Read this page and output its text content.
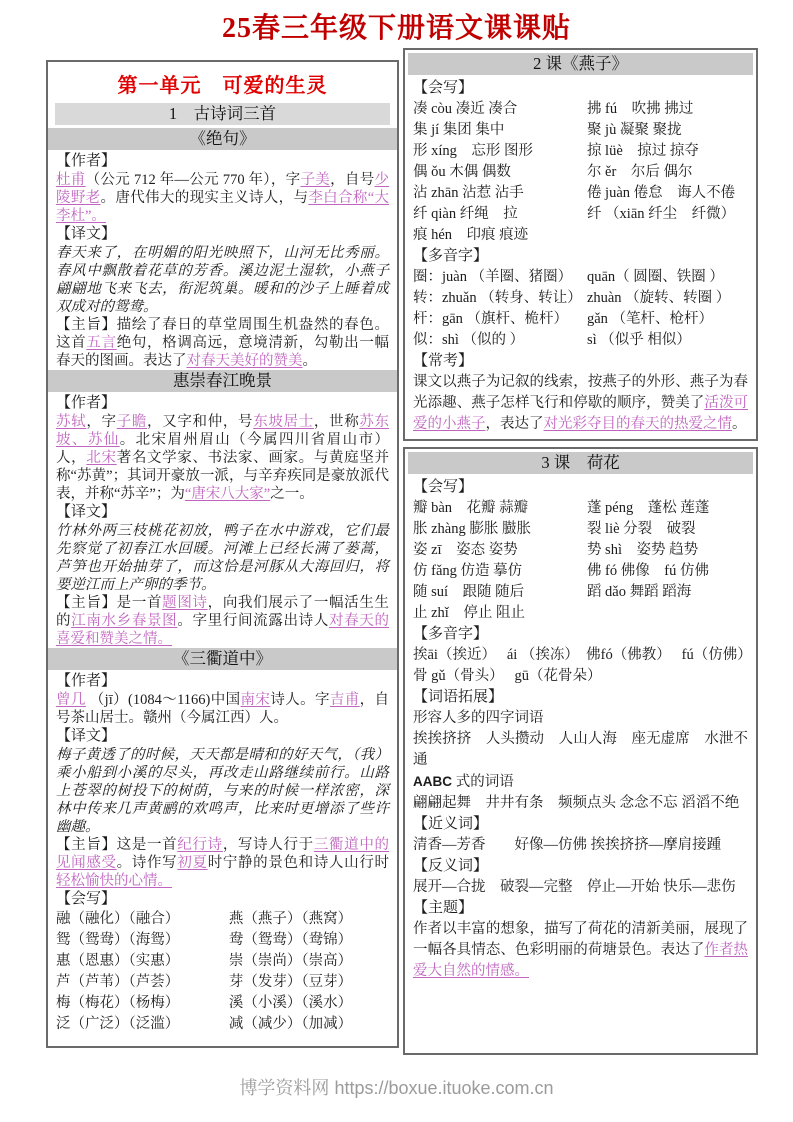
25春三年级下册语文课课贴
第一单元　可爱的生灵
1　古诗词三首
《绝句》
【作者】

杜甫（公元 712 年—公元 770 年），字子美，自号少陵野老。唐代伟大的现实主义诗人，与李白合称“大李杜”。

【译文】

春天来了，在明媚的阳光映照下，山河无比秀丽。春风中飘散着花草的芳香。溪边泥土湿软，小燕子翩翩地飞来飞去，衔泥筑巢。暖和的沙子上睡着成双成对的鸳鸯。

【主旨】描绘了春日的草堂周围生机盎然的春色。这首五言绝句，格调高远，意境清新，勾勒出一幅春天的图画。表达了对春天美好的赞美。

惠崇春江晚景
【作者】

苏轼，字子瞻，又字和仲，号东坡居士，世称苏东坡、苏仙。北宋眉州眉山（今属四川省眉山市）人，北宋著名文学家、书法家、画家。与黄庭坚并称“苏黄”；其词开豪放一派，与辛弃疾同是豪放派代表，并称“苏辛”；为“唐宋八大家”之一。

【译文】

竹林外两三枝桃花初放，鸭子在水中游戏，它们最先察觉了初春江水回暖。河滩上已经长满了蒌蒿，芦笋也开始抽芽了，而这恰是河豚从大海回归，将要逆江而上产卵的季节。

【主旨】是一首题图诗，向我们展示了一幅活生生的江南水乡春景图。字里行间流露出诗人对春天的喜爱和赞美之情。

《三衢道中》
【作者】

曾几 （jī）(1084～1166)中国南宋诗人。字吉甫，自号茶山居士。赣州（今属江西）人。

【译文】

梅子黄透了的时候，天天都是晴和的好天气，（我）乘小船到小溪的尽头，再改走山路继续前行。山路上苍翠的树投下的树荫，与来的时候一样浓密，深林中传来几声黄鹂的欢鸣声，比来时更增添了些许幽趣。

【主旨】这是一首纪行诗，写诗人行于三衢道中的见闻感受。诗作写初夏时宁静的景色和诗人山行时轻松愉快的心情。

【会写】
融（融化）（融合）	燕（燕子）（燕窝）
鸳（鸳鸯）（海鸳）	鸯（鸳鸯）（鸯锦）
惠（恩惠）（实惠）	崇（崇尚）（崇高）
芦（芦苇）（芦荟）	芽（发芽）（豆芽）
梅（梅花）（杨梅）	溪（小溪）（溪水）
泛（广泛）（泛滥）	减（减少）（加减）
2 课《燕子》
【会写】
凑 còu 凑近 凑合	拂 fú　吹拂 拂过
集 jí 集团 集中	聚 jù 凝聚 聚拢
形 xíng　忘形 图形	掠 lüè　掠过 掠夺
偶 ǒu 木偶 偶数	尔 ěr　尔后 偶尔
沾 zhān 沾惹 沾手	倦 juàn 倦怠　诲人不倦
纤 qiàn 纤绳　拉	纤 （xiān 纤尘　纤微）
痕 hén　印痕 痕迹
【多音字】
圈：juàn （羊圈、猪圈）	quān（ 圆圈、铁圈 ）
转：zhuǎn （转身、转让） zhuàn （旋转、转圈 ）
杆：gān （旗杆、桅杆）	gǎn （笔杆、枪杆）
似：shì （似的 ）	sì （似乎 相似）
【常考】

课文以燕子为记叙的线索，按燕子的外形、燕子为春光添趣、燕子怎样飞行和停歇的顺序，赞美了活泼可爱的小燕子，表达了对光彩夺目的春天的热爱之情。

3 课　荷花
【会写】
瓣 bàn　花瓣 蒜瓣	蓬 péng　蓬松 莲蓬
胀 zhàng 膨胀 臌胀	裂 liè 分裂　破裂
姿 zī　姿态 姿势	势 shì　姿势 趋势
仿 fǎng 仿造 摹仿	佛 fó 佛像　fú 仿佛
随 suí　跟随 随后	蹈 dǎo 舞蹈 蹈海
止 zhǐ　停止 阻止
【多音字】

挨āi（挨近）　 ái （挨冻）　佛fó（佛教）　 fú（仿佛）

骨 gǔ（骨头）　 gū（花骨朵）

【词语拓展】

形容人多的四字词语

挨挨挤挤　人头攒动　人山人海　座无虚席　水泄不通

AABC 式的词语

翩翩起舞　井井有条　频频点头 念念不忘 滔滔不绝

【近义词】

清香—芳香　　好像—仿佛 挨挨挤挤—摩肩接踵

【反义词】

展开—合拢　破裂—完整　停止—开始 快乐—悲伤

【主题】

作者以丰富的想象，描写了荷花的清新美丽，展现了一幅各具情态、色彩明丽的荷塘景色。表达了作者热爱大自然的情感。

博学资料网 https://boxue.ituoke.com.cn
